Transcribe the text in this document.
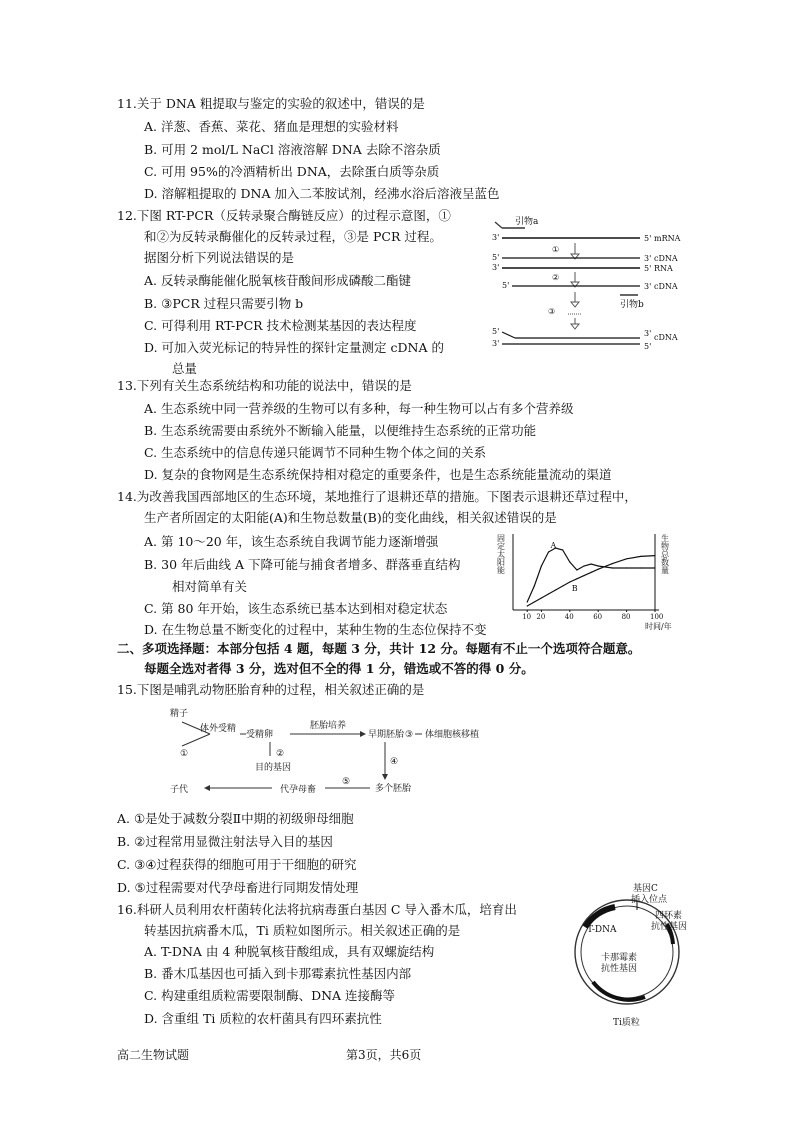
11.关于 DNA 粗提取与鉴定的实验的叙述中，错误的是
A. 洋葱、香蕉、菜花、猪血是理想的实验材料
B. 可用 2 mol/L NaCl 溶液溶解 DNA 去除不溶杂质
C. 可用 95%的冷酒精析出 DNA，去除蛋白质等杂质
D. 溶解粗提取的 DNA 加入二苯胺试剂，经沸水浴后溶液呈蓝色
12.下图 RT-PCR（反转录聚合酶链反应）的过程示意图，①
和②为反转录酶催化的反转录过程，③是 PCR 过程。
据图分析下列说法错误的是
A. 反转录酶能催化脱氧核苷酸间形成磷酸二酯键
B. ③PCR 过程只需要引物 b
C. 可得利用 RT-PCR 技术检测某基因的表达程度
D. 可加入荧光标记的特异性的探针定量测定 cDNA 的
总量
引物a
3'	5' mRNA
①
5'	3' cDNA
3'	5' RNA
②
5'	3' cDNA
引物b
③
5'	3' cDNA
3'	5'
13.下列有关生态系统结构和功能的说法中，错误的是
A. 生态系统中同一营养级的生物可以有多种，每一种生物可以占有多个营养级
B. 生态系统需要由系统外不断输入能量，以便维持生态系统的正常功能
C. 生态系统中的信息传递只能调节不同种生物个体之间的关系
D. 复杂的食物网是生态系统保持相对稳定的重要条件，也是生态系统能量流动的渠道
14.为改善我国西部地区的生态环境，某地推行了退耕还草的措施。下图表示退耕还草过程中，
生产者所固定的太阳能(A)和生物总数量(B)的变化曲线，相关叙述错误的是
A. 第 10～20 年，该生态系统自我调节能力逐渐增强
B. 30 年后曲线 A 下降可能与捕食者增多、群落垂直结构
相对简单有关
C. 第 80 年开始，该生态系统已基本达到相对稳定状态
D. 在生物总量不断变化的过程中，某种生物的生态位保持不变
固定太阳能	生物总数量
时间/年
10 20	40	60	80	100
A
B
二、多项选择题：本部分包括 4 题，每题 3 分，共计 12 分。每题有不止一个选项符合题意。
每题全选对者得 3 分，选对但不全的得 1 分，错选或不答的得 0 分。
15.下图是哺乳动物胚胎育种的过程，相关叙述正确的是
精子
①
体外受精
受精卵
胚胎培养
早期胚胎 ③ 体细胞核移植
②
目的基因
④
多个胚胎
⑤
代孕母畜
子代
A. ①是处于减数分裂Ⅱ中期的初级卵母细胞
B. ②过程常用显微注射法导入目的基因
C. ③④过程获得的细胞可用于干细胞的研究
D. ⑤过程需要对代孕母畜进行同期发情处理
16.科研人员利用农杆菌转化法将抗病毒蛋白基因 C 导入番木瓜，培育出
转基因抗病番木瓜，Ti 质粒如图所示。相关叙述正确的是
A. T-DNA 由 4 种脱氧核苷酸组成，具有双螺旋结构
B. 番木瓜基因也可插入到卡那霉素抗性基因内部
C. 构建重组质粒需要限制酶、DNA 连接酶等
D. 含重组 Ti 质粒的农杆菌具有四环素抗性
基因C
插入位点
T-DNA
四环素
抗性基因
卡那霉素
抗性基因
Ti质粒
高二生物试题	第3页，共6页
